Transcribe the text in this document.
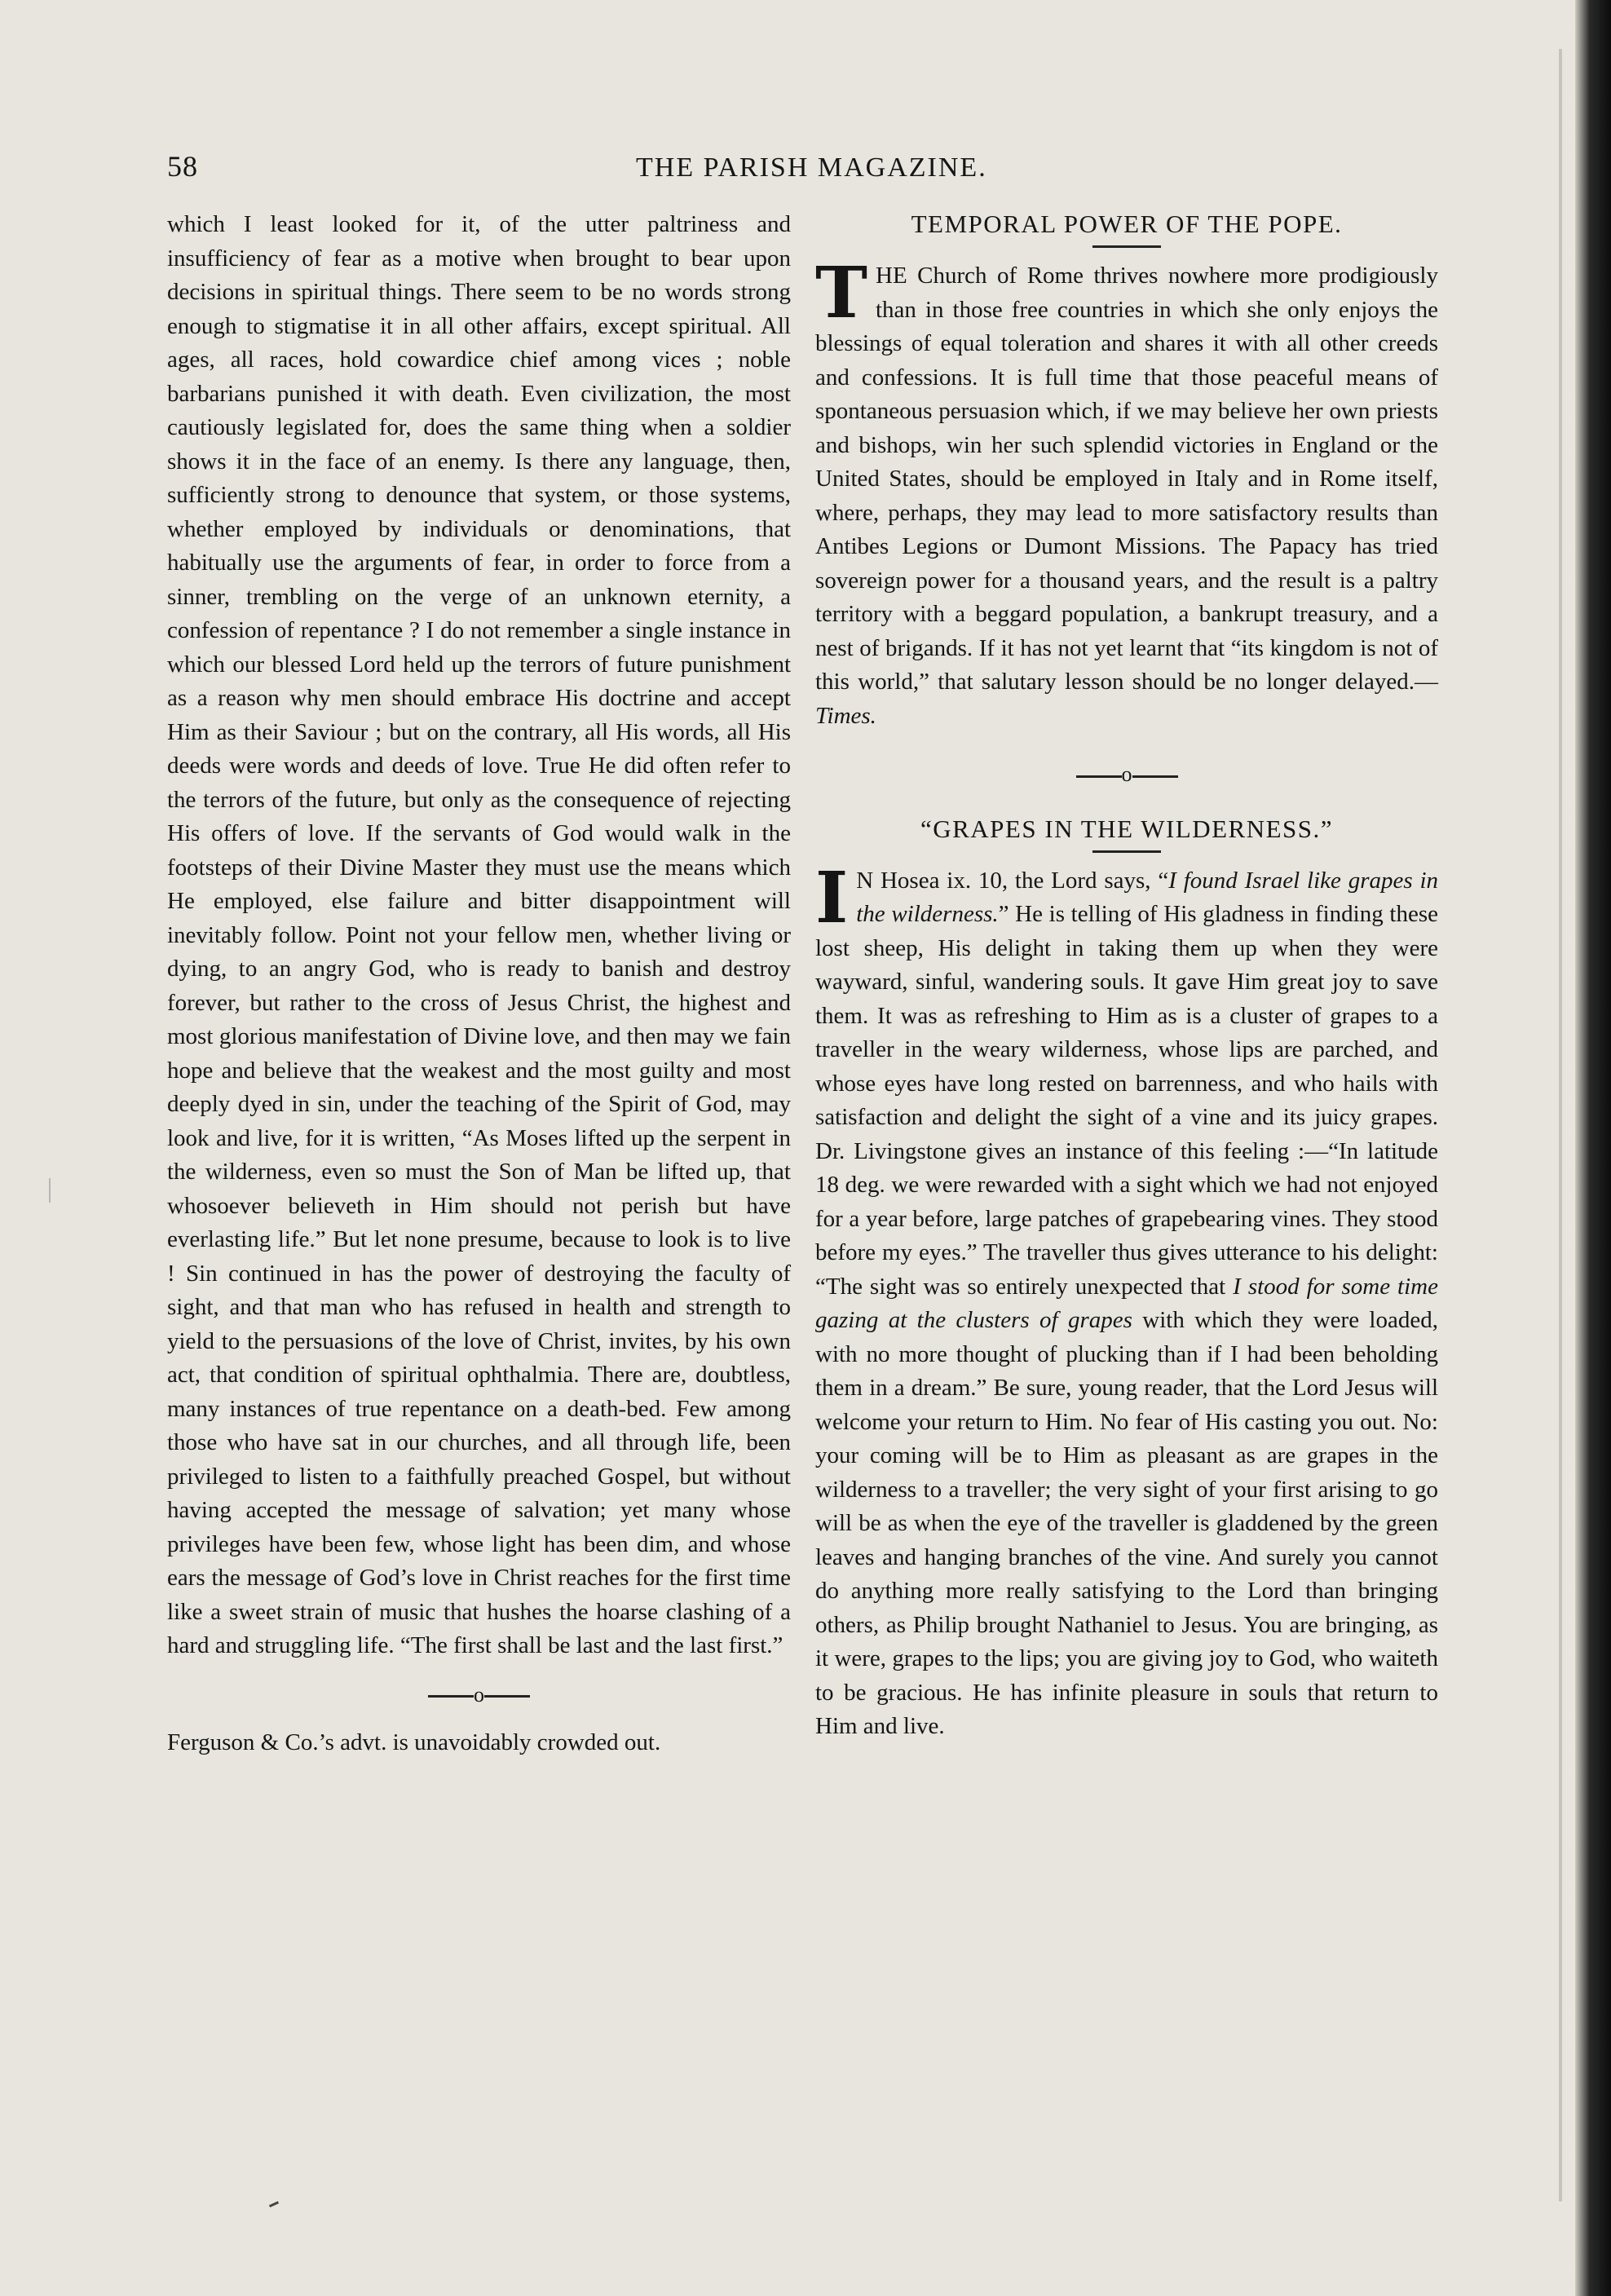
58	THE PARISH MAGAZINE.

which I least looked for it, of the utter paltriness and insufficiency of fear as a motive when brought to bear upon decisions in spiritual things. There seem to be no words strong enough to stigmatise it in all other affairs, except spiritual. All ages, all races, hold cowardice chief among vices ; noble barbarians punished it with death. Even civilization, the most cautiously legislated for, does the same thing when a soldier shows it in the face of an enemy. Is there any language, then, sufficiently strong to denounce that system, or those systems, whether employed by individuals or denominations, that habitually use the arguments of fear, in order to force from a sinner, trembling on the verge of an unknown eternity, a confession of repentance ? I do not remember a single instance in which our blessed Lord held up the terrors of future punishment as a reason why men should embrace His doctrine and accept Him as their Saviour ; but on the contrary, all His words, all His deeds were words and deeds of love. True He did often refer to the terrors of the future, but only as the consequence of rejecting His offers of love. If the servants of God would walk in the footsteps of their Divine Master they must use the means which He employed, else failure and bitter disappointment will inevitably follow. Point not your fellow men, whether living or dying, to an angry God, who is ready to banish and destroy forever, but rather to the cross of Jesus Christ, the highest and most glorious manifestation of Divine love, and then may we fain hope and believe that the weakest and the most guilty and most deeply dyed in sin, under the teaching of the Spirit of God, may look and live, for it is written, “As Moses lifted up the serpent in the wilderness, even so must the Son of Man be lifted up, that whosoever believeth in Him should not perish but have everlasting life.” But let none presume, because to look is to live ! Sin continued in has the power of destroying the faculty of sight, and that man who has refused in health and strength to yield to the persuasions of the love of Christ, invites, by his own act, that condition of spiritual ophthalmia. There are, doubtless, many instances of true repentance on a death-bed. Few among those who have sat in our churches, and all through life, been privileged to listen to a faithfully preached Gospel, but without having accepted the message of salvation; yet many whose privileges have been few, whose light has been dim, and whose ears the message of God’s love in Christ reaches for the first time like a sweet strain of music that hushes the hoarse clashing of a hard and struggling life. “The first shall be last and the last first.”

o

Ferguson & Co.’s advt. is unavoidably crowded out.

TEMPORAL POWER OF THE POPE.

THE Church of Rome thrives nowhere more prodigiously than in those free countries in which she only enjoys the blessings of equal toleration and shares it with all other creeds and confessions. It is full time that those peaceful means of spontaneous persuasion which, if we may believe her own priests and bishops, win her such splendid victories in England or the United States, should be employed in Italy and in Rome itself, where, perhaps, they may lead to more satisfactory results than Antibes Legions or Dumont Missions. The Papacy has tried sovereign power for a thousand years, and the result is a paltry territory with a beggard population, a bankrupt treasury, and a nest of brigands. If it has not yet learnt that “its kingdom is not of this world,” that salutary lesson should be no longer delayed.—Times.

o
“GRAPES IN THE WILDERNESS.”

I N Hosea ix. 10, the Lord says, “I found Israel like grapes in the wilderness.” He is telling of His gladness in finding these lost sheep, His delight in taking them up when they were wayward, sinful, wandering souls. It gave Him great joy to save them. It was as refreshing to Him as is a cluster of grapes to a traveller in the weary wilderness, whose lips are parched, and whose eyes have long rested on barrenness, and who hails with satisfaction and delight the sight of a vine and its juicy grapes. Dr. Livingstone gives an instance of this feeling :—“In latitude 18 deg. we were rewarded with a sight which we had not enjoyed for a year before, large patches of grapebearing vines. They stood before my eyes.” The traveller thus gives utterance to his delight: “The sight was so entirely unexpected that I stood for some time gazing at the clusters of grapes with which they were loaded, with no more thought of plucking than if I had been beholding them in a dream.” Be sure, young reader, that the Lord Jesus will welcome your return to Him. No fear of His casting you out. No: your coming will be to Him as pleasant as are grapes in the wilderness to a traveller; the very sight of your first arising to go will be as when the eye of the traveller is gladdened by the green leaves and hanging branches of the vine. And surely you cannot do anything more really satisfying to the Lord than bringing others, as Philip brought Nathaniel to Jesus. You are bringing, as it were, grapes to the lips; you are giving joy to God, who waiteth to be gracious. He has infinite pleasure in souls that return to Him and live.
